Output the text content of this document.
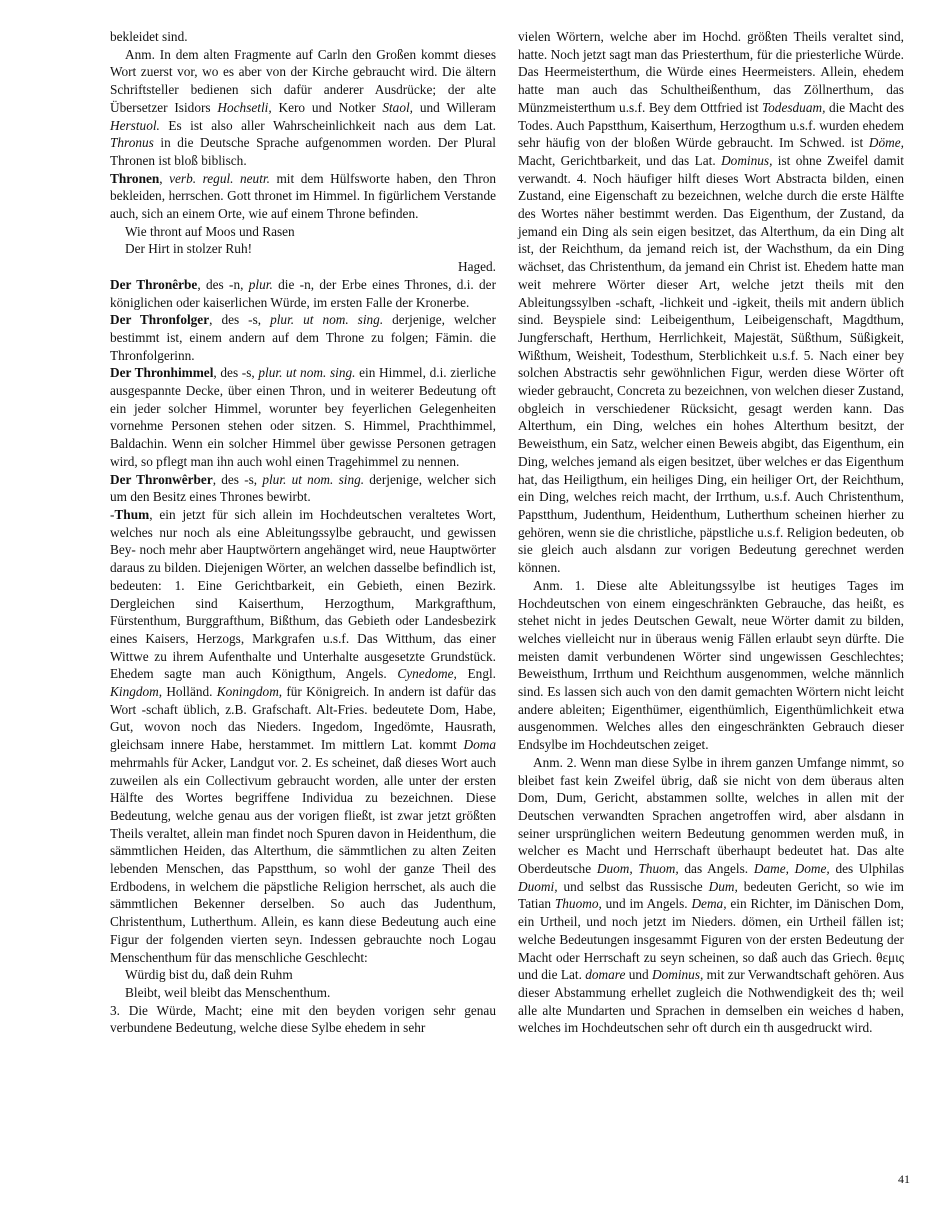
bekleidet sind.

Anm. In dem alten Fragmente auf Carln den Großen kommt dieses Wort zuerst vor, wo es aber von der Kirche gebraucht wird. Die ältern Schriftsteller bedienen sich dafür anderer Ausdrücke; der alte Übersetzer Isidors Hochsetli, Kero und Notker Staol, und Willeram Herstuol. Es ist also aller Wahrscheinlichkeit nach aus dem Lat. Thronus in die Deutsche Sprache aufgenommen worden. Der Plural Thronen ist bloß biblisch.

Thronen, verb. regul. neutr. mit dem Hülfsworte haben, den Thron bekleiden, herrschen. Gott thronet im Himmel. In figürlichem Verstande auch, sich an einem Orte, wie auf einem Throne befinden.

Wie thront auf Moos und Rasen

Der Hirt in stolzer Ruh!

Haged.

Der Thronêrbe, des -n, plur. die -n, der Erbe eines Thrones, d.i. der königlichen oder kaiserlichen Würde, im ersten Falle der Kronerbe.

Der Thronfolger, des -s, plur. ut nom. sing. derjenige, welcher bestimmt ist, einem andern auf dem Throne zu folgen; Fämin. die Thronfolgerinn.

Der Thronhimmel, des -s, plur. ut nom. sing. ein Himmel, d.i. zierliche ausgespannte Decke, über einen Thron, und in weiterer Bedeutung oft ein jeder solcher Himmel, worunter bey feyerlichen Gelegenheiten vornehme Personen stehen oder sitzen. S. Himmel, Prachthimmel, Baldachin. Wenn ein solcher Himmel über gewisse Personen getragen wird, so pflegt man ihn auch wohl einen Tragehimmel zu nennen.

Der Thronwêrber, des -s, plur. ut nom. sing. derjenige, welcher sich um den Besitz eines Thrones bewirbt.

-Thum, ein jetzt für sich allein im Hochdeutschen veraltetes Wort, welches nur noch als eine Ableitungssylbe gebraucht, und gewissen Bey- noch mehr aber Hauptwörtern angehänget wird, neue Hauptwörter daraus zu bilden. Diejenigen Wörter, an welchen dasselbe befindlich ist, bedeuten: 1. Eine Gerichtbarkeit, ein Gebieth, einen Bezirk. Dergleichen sind Kaiserthum, Herzogthum, Markgrafthum, Fürstenthum, Burggrafthum, Bißthum, das Gebieth oder Landesbezirk eines Kaisers, Herzogs, Markgrafen u.s.f. Das Witthum, das einer Wittwe zu ihrem Aufenthalte und Unterhalte ausgesetzte Grundstück. Ehedem sagte man auch Königthum, Angels. Cynedome, Engl. Kingdom, Holländ. Koningdom, für Königreich. In andern ist dafür das Wort -schaft üblich, z.B. Grafschaft. Alt-Fries. bedeutete Dom, Habe, Gut, wovon noch das Nieders. Ingedom, Ingedömte, Hausrath, gleichsam innere Habe, herstammet. Im mittlern Lat. kommt Doma mehrmahls für Acker, Landgut vor. 2. Es scheinet, daß dieses Wort auch zuweilen als ein Collectivum gebraucht worden, alle unter der ersten Hälfte des Wortes begriffene Individua zu bezeichnen. Diese Bedeutung, welche genau aus der vorigen fließt, ist zwar jetzt größten Theils veraltet, allein man findet noch Spuren davon in Heidenthum, die sämmtlichen Heiden, das Alterthum, die sämmtlichen zu alten Zeiten lebenden Menschen, das Papstthum, so wohl der ganze Theil des Erdbodens, in welchem die päpstliche Religion herrschet, als auch die sämmtlichen Bekenner derselben. So auch das Judenthum, Christenthum, Lutherthum. Allein, es kann diese Bedeutung auch eine Figur der folgenden vierten seyn. Indessen gebrauchte noch Logau Menschenthum für das menschliche Geschlecht:

Würdig bist du, daß dein Ruhm

Bleibt, weil bleibt das Menschenthum.

3. Die Würde, Macht; eine mit den beyden vorigen sehr genau verbundene Bedeutung, welche diese Sylbe ehedem in sehr

vielen Wörtern, welche aber im Hochd. größten Theils veraltet sind, hatte. Noch jetzt sagt man das Priesterthum, für die priesterliche Würde. Das Heermeisterthum, die Würde eines Heermeisters. Allein, ehedem hatte man auch das Schultheißenthum, das Zöllnerthum, das Münzmeisterthum u.s.f. Bey dem Ottfried ist Todesduam, die Macht des Todes. Auch Papstthum, Kaiserthum, Herzogthum u.s.f. wurden ehedem sehr häufig von der bloßen Würde gebraucht. Im Schwed. ist Döme, Macht, Gerichtbarkeit, und das Lat. Dominus, ist ohne Zweifel damit verwandt. 4. Noch häufiger hilft dieses Wort Abstracta bilden, einen Zustand, eine Eigenschaft zu bezeichnen, welche durch die erste Hälfte des Wortes näher bestimmt werden. Das Eigenthum, der Zustand, da jemand ein Ding als sein eigen besitzet, das Alterthum, da ein Ding alt ist, der Reichthum, da jemand reich ist, der Wachsthum, da ein Ding wächset, das Christenthum, da jemand ein Christ ist. Ehedem hatte man weit mehrere Wörter dieser Art, welche jetzt theils mit den Ableitungssylben -schaft, -lichkeit und -igkeit, theils mit andern üblich sind. Beyspiele sind: Leibeigenthum, Leibeigenschaft, Magdthum, Jungferschaft, Herthum, Herrlichkeit, Majestät, Süßthum, Süßigkeit, Wißthum, Weisheit, Todesthum, Sterblichkeit u.s.f. 5. Nach einer bey solchen Abstractis sehr gewöhnlichen Figur, werden diese Wörter oft wieder gebraucht, Concreta zu bezeichnen, von welchen dieser Zustand, obgleich in verschiedener Rücksicht, gesagt werden kann. Das Alterthum, ein Ding, welches ein hohes Alterthum besitzt, der Beweisthum, ein Satz, welcher einen Beweis abgibt, das Eigenthum, ein Ding, welches jemand als eigen besitzet, über welches er das Eigenthum hat, das Heiligthum, ein heiliges Ding, ein heiliger Ort, der Reichthum, ein Ding, welches reich macht, der Irrthum, u.s.f. Auch Christenthum, Papstthum, Judenthum, Heidenthum, Lutherthum scheinen hierher zu gehören, wenn sie die christliche, päpstliche u.s.f. Religion bedeuten, ob sie gleich auch alsdann zur vorigen Bedeutung gerechnet werden können.

Anm. 1. Diese alte Ableitungssylbe ist heutiges Tages im Hochdeutschen von einem eingeschränkten Gebrauche, das heißt, es stehet nicht in jedes Deutschen Gewalt, neue Wörter damit zu bilden, welches vielleicht nur in überaus wenig Fällen erlaubt seyn dürfte. Die meisten damit verbundenen Wörter sind ungewissen Geschlechtes; Beweisthum, Irrthum und Reichthum ausgenommen, welche männlich sind. Es lassen sich auch von den damit gemachten Wörtern nicht leicht andere ableiten; Eigenthümer, eigenthümlich, Eigenthümlichkeit etwa ausgenommen. Welches alles den eingeschränkten Gebrauch dieser Endsylbe im Hochdeutschen zeiget.

Anm. 2. Wenn man diese Sylbe in ihrem ganzen Umfange nimmt, so bleibet fast kein Zweifel übrig, daß sie nicht von dem überaus alten Dom, Dum, Gericht, abstammen sollte, welches in allen mit der Deutschen verwandten Sprachen angetroffen wird, aber alsdann in seiner ursprünglichen weitern Bedeutung genommen werden muß, in welcher es Macht und Herrschaft überhaupt bedeutet hat. Das alte Oberdeutsche Duom, Thuom, das Angels. Dame, Dome, des Ulphilas Duomi, und selbst das Russische Dum, bedeuten Gericht, so wie im Tatian Thuomo, und im Angels. Dema, ein Richter, im Dänischen Dom, ein Urtheil, und noch jetzt im Nieders. dömen, ein Urtheil fällen ist; welche Bedeutungen insgesammt Figuren von der ersten Bedeutung der Macht oder Herrschaft zu seyn scheinen, so daß auch das Griech. θεμις und die Lat. domare und Dominus, mit zur Verwandtschaft gehören. Aus dieser Abstammung erhellet zugleich die Nothwendigkeit des th; weil alle alte Mundarten und Sprachen in demselben ein weiches d haben, welches im Hochdeutschen sehr oft durch ein th ausgedruckt wird.

41
